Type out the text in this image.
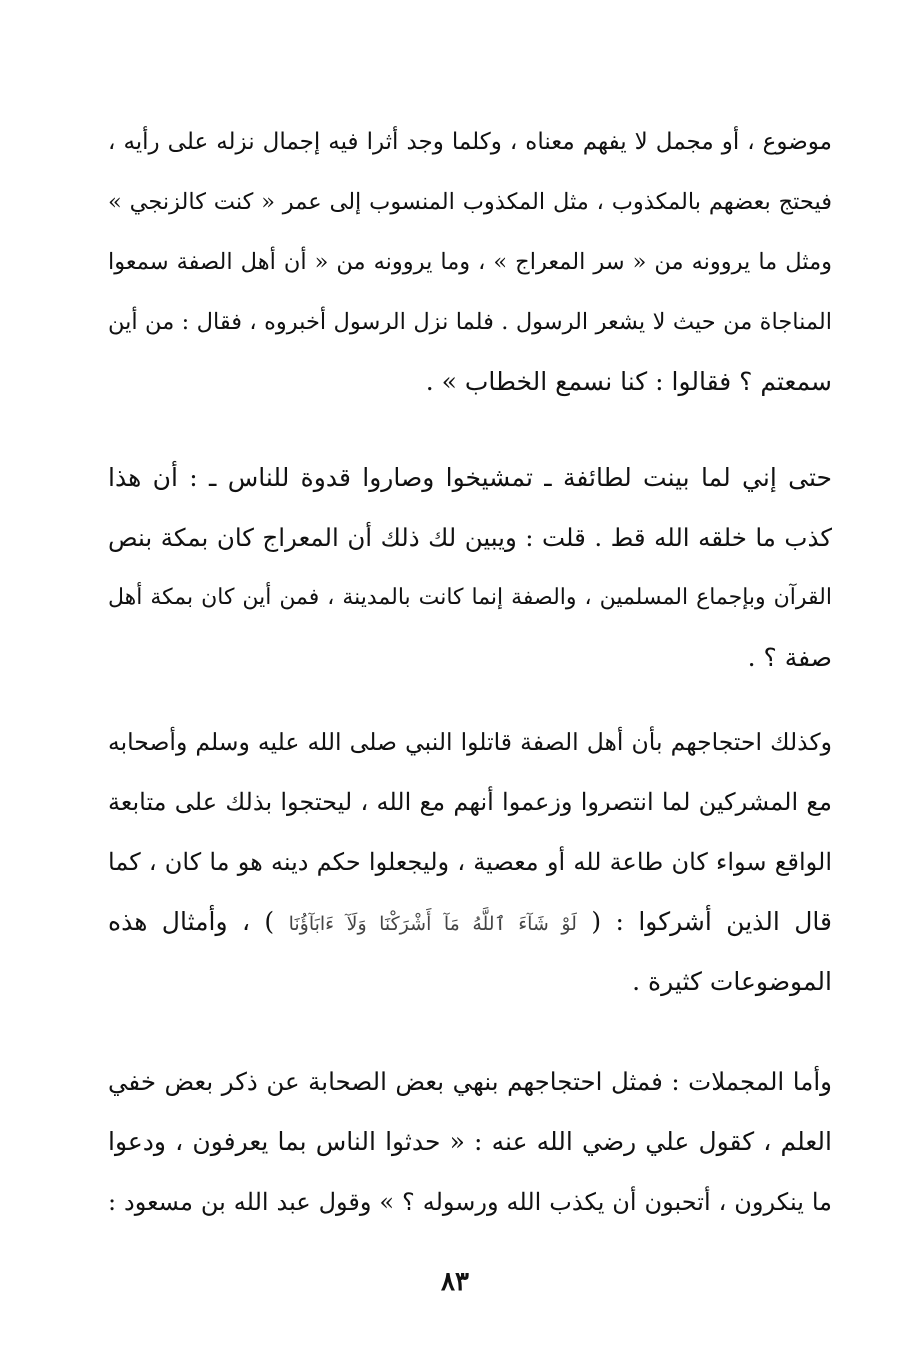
موضوع ، أو مجمل لا يفهم معناه ، وكلما وجد أثرا فيه إجمال نزله على رأيه ،
فيحتج بعضهم بالمكذوب ، مثل المكذوب المنسوب إلى عمر « كنت كالزنجي »
ومثل ما يروونه من « سر المعراج » ، وما يروونه من « أن أهل الصفة سمعوا
المناجاة من حيث لا يشعر الرسول . فلما نزل الرسول أخبروه ، فقال : من أين
سمعتم ؟ فقالوا : كنا نسمع الخطاب » .
حتى إني لما بينت لطائفة ـ تمشيخوا وصاروا قدوة للناس ـ : أن هذا
كذب ما خلقه الله قط . قلت : ويبين لك ذلك أن المعراج كان بمكة بنص
القرآن وبإجماع المسلمين ، والصفة إنما كانت بالمدينة ، فمن أين كان بمكة أهل
صفة ؟ .
وكذلك احتجاجهم بأن أهل الصفة قاتلوا النبي صلى الله عليه وسلم وأصحابه
مع المشركين لما انتصروا وزعموا أنهم مع الله ، ليحتجوا بذلك على متابعة
الواقع سواء كان طاعة لله أو معصية ، وليجعلوا حكم دينه هو ما كان ، كما
قال الذين أشركوا : ( لَوْ شَآءَ ٱللَّهُ مَآ أَشْرَكْنَا وَلَآ ءَابَآؤُنَا ) ، وأمثال هذه
الموضوعات كثيرة .
وأما المجملات : فمثل احتجاجهم بنهي بعض الصحابة عن ذكر بعض خفي
العلم ، كقول علي رضي الله عنه : « حدثوا الناس بما يعرفون ، ودعوا
ما ينكرون ، أتحبون أن يكذب الله ورسوله ؟ » وقول عبد الله بن مسعود :
٨٣
